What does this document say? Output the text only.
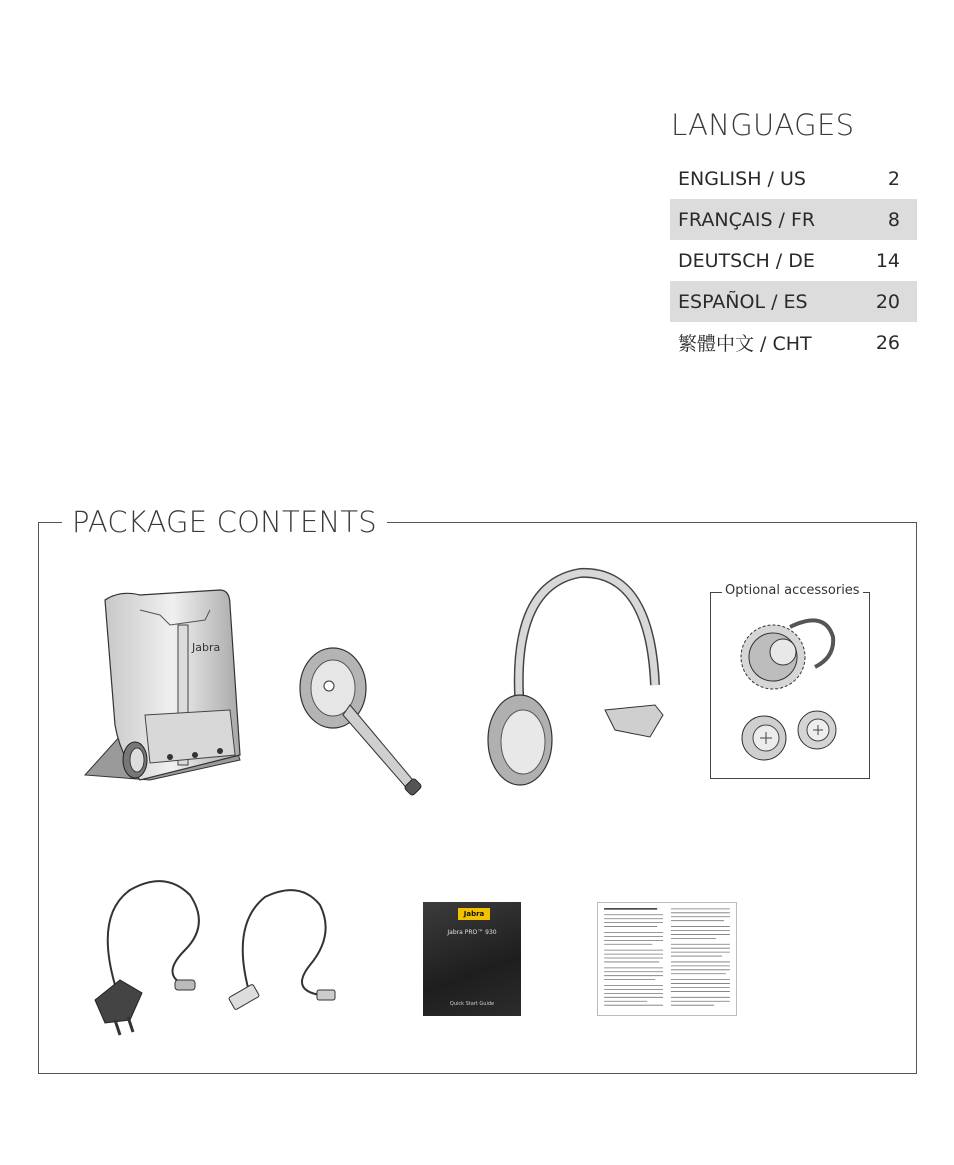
LANGUAGES
ENGLISH / US	2
FRANÇAIS / FR	8
DEUTSCH / DE	14
ESPAÑOL / ES	20
繁體中文 / CHT	26
PACKAGE CONTENTS
Jabra
Optional accessories
Jabra
Jabra PRO™ 930
Quick Start Guide
